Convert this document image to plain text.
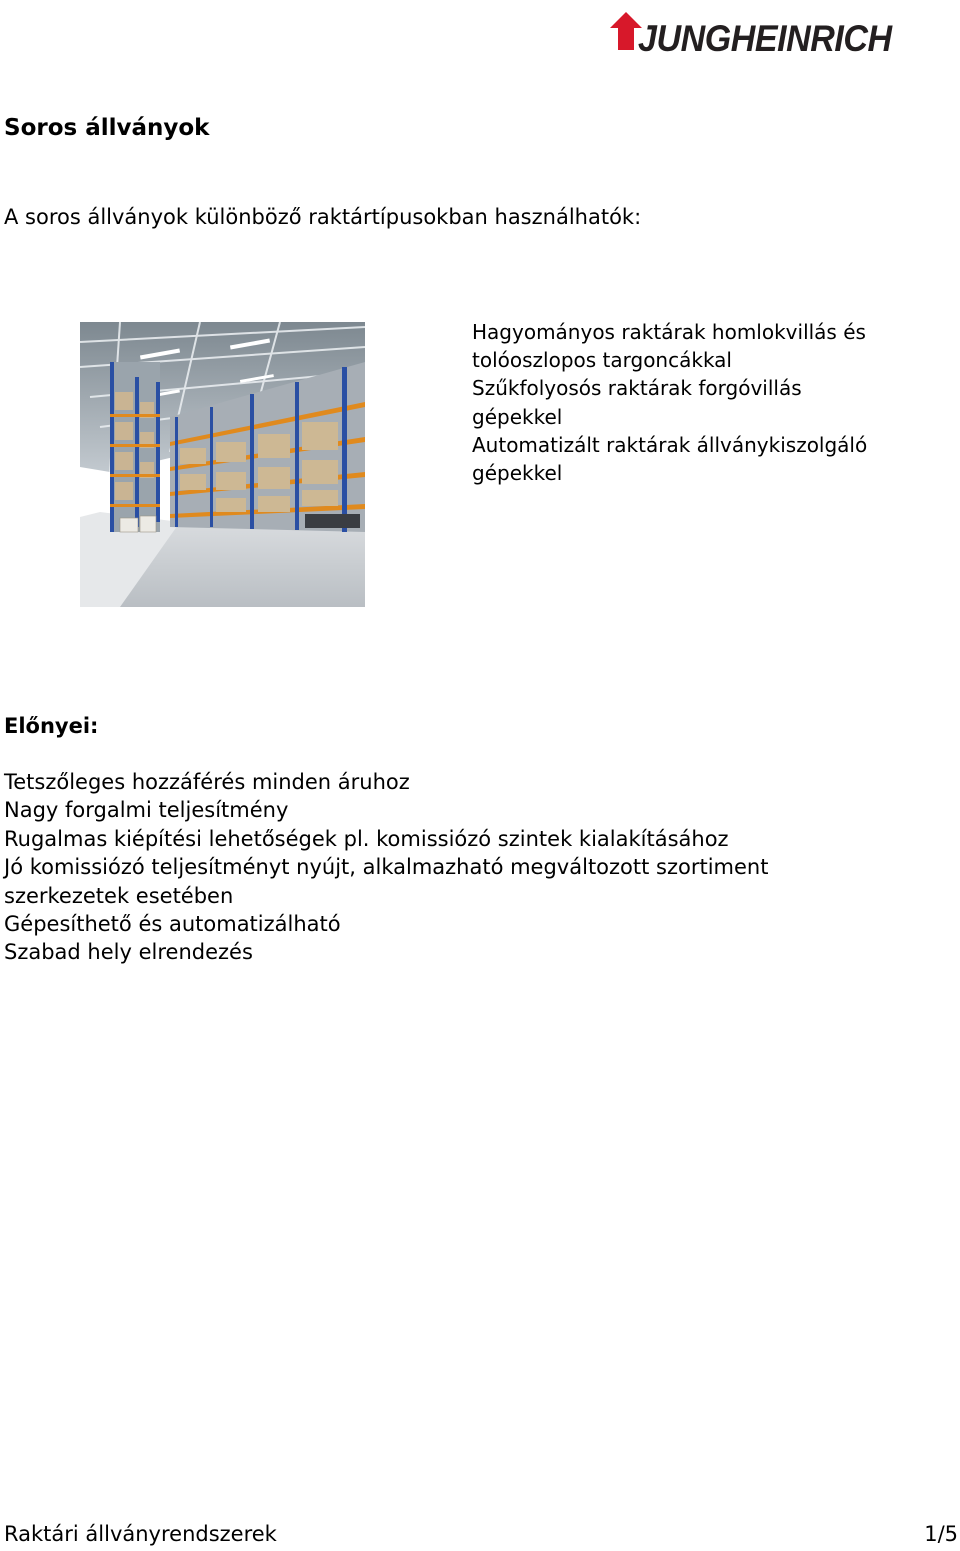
JUNGHEINRICH
Soros állványok

A soros állványok különböző raktártípusokban használhatók:

Hagyományos raktárak homlokvillás és
tolóoszlopos targoncákkal
Szűkfolyosós raktárak forgóvillás
gépekkel
Automatizált raktárak állványkiszolgáló
gépekkel
Előnyei:
Tetszőleges hozzáférés minden áruhoz
Nagy forgalmi teljesítmény
Rugalmas kiépítési lehetőségek pl. komissiózó szintek kialakításához
Jó komissiózó teljesítményt nyújt, alkalmazható megváltozott szortiment
szerkezetek esetében
Gépesíthető és automatizálható
Szabad hely elrendezés
Raktári állványrendszerek	1/5
